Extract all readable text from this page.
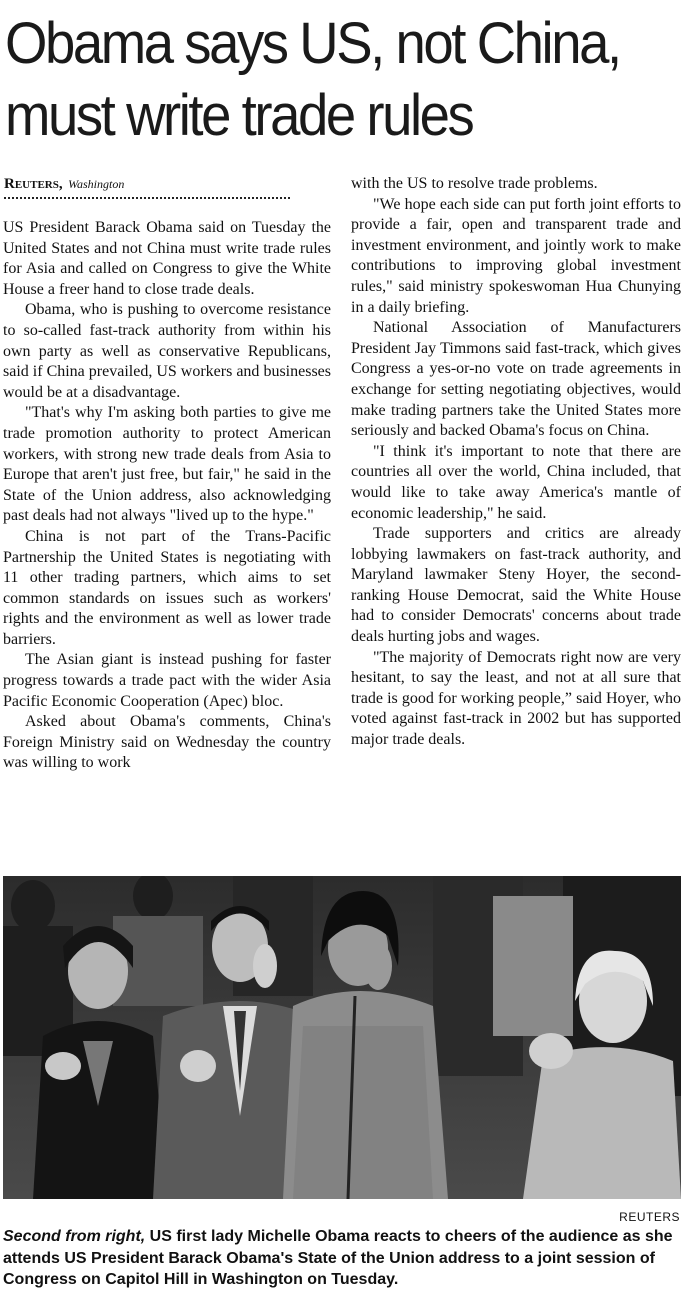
Obama says US, not China,
must write trade rules
Reuters, Washington

US President Barack Obama said on Tuesday the United States and not China must write trade rules for Asia and called on Congress to give the White House a freer hand to close trade deals.

Obama, who is pushing to overcome resistance to so-called fast-track authority from within his own party as well as conservative Republicans, said if China prevailed, US workers and businesses would be at a disadvantage.

"That's why I'm asking both parties to give me trade promotion authority to protect American workers, with strong new trade deals from Asia to Europe that aren't just free, but fair," he said in the State of the Union address, also acknowledging past deals had not always "lived up to the hype."

China is not part of the Trans-Pacific Partnership the United States is negotiating with 11 other trading partners, which aims to set common standards on issues such as workers' rights and the environment as well as lower trade barriers.

The Asian giant is instead pushing for faster progress towards a trade pact with the wider Asia Pacific Economic Cooperation (Apec) bloc.

Asked about Obama's comments, China's Foreign Ministry said on Wednesday the country was willing to work

with the US to resolve trade problems.

"We hope each side can put forth joint efforts to provide a fair, open and transparent trade and investment environment, and jointly work to make contributions to improving global investment rules," said ministry spokeswoman Hua Chunying in a daily briefing.

National Association of Manufacturers President Jay Timmons said fast-track, which gives Congress a yes-or-no vote on trade agreements in exchange for setting negotiating objectives, would make trading partners take the United States more seriously and backed Obama's focus on China.

"I think it's important to note that there are countries all over the world, China included, that would like to take away America's mantle of economic leadership," he said.

Trade supporters and critics are already lobbying lawmakers on fast-track authority, and Maryland lawmaker Steny Hoyer, the second-ranking House Democrat, said the White House had to consider Democrats' concerns about trade deals hurting jobs and wages.

"The majority of Democrats right now are very hesitant, to say the least, and not at all sure that trade is good for working people,” said Hoyer, who voted against fast-track in 2002 but has supported major trade deals.

REUTERS
Second from right, US first lady Michelle Obama reacts to cheers of the audience as she attends US President Barack Obama's State of the Union address to a joint session of Congress on Capitol Hill in Washington on Tuesday.
